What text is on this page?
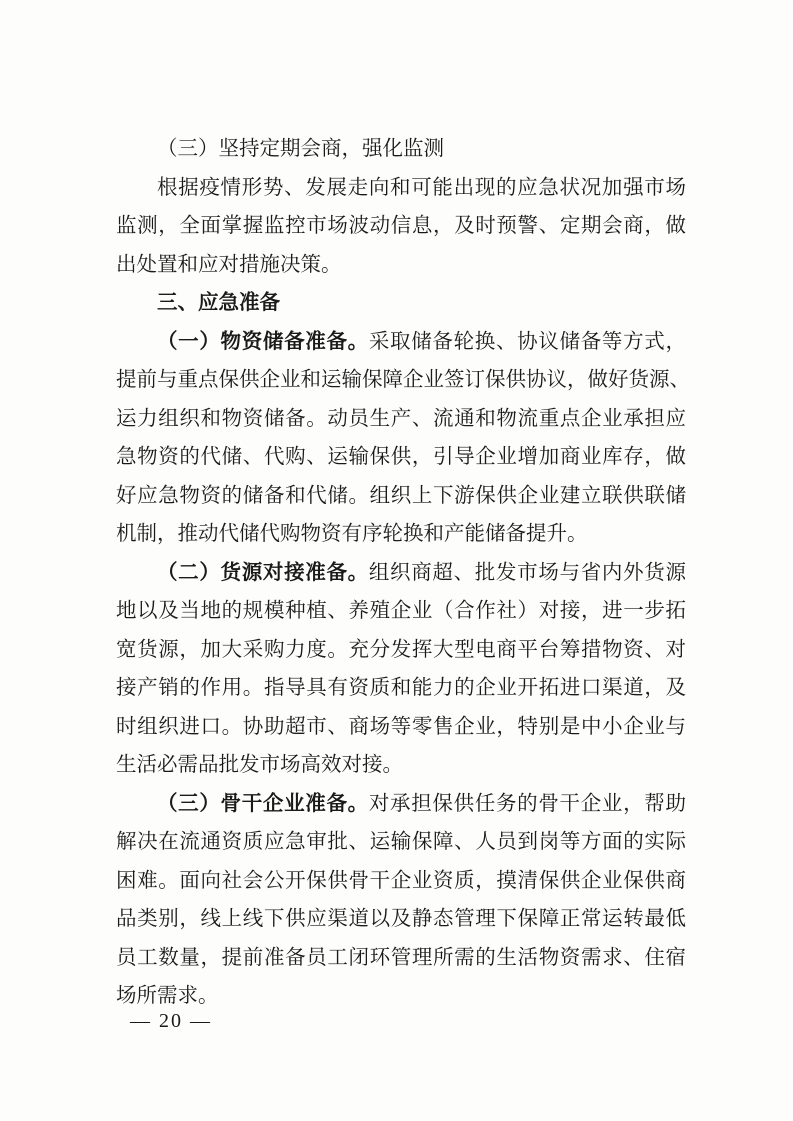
（三）坚持定期会商，强化监测
根据疫情形势、发展走向和可能出现的应急状况加强市场
监测，全面掌握监控市场波动信息，及时预警、定期会商，做
出处置和应对措施决策。
三、应急准备
（一）物资储备准备。采取储备轮换、协议储备等方式，
提前与重点保供企业和运输保障企业签订保供协议，做好货源、
运力组织和物资储备。动员生产、流通和物流重点企业承担应
急物资的代储、代购、运输保供，引导企业增加商业库存，做
好应急物资的储备和代储。组织上下游保供企业建立联供联储
机制，推动代储代购物资有序轮换和产能储备提升。
（二）货源对接准备。组织商超、批发市场与省内外货源
地以及当地的规模种植、养殖企业（合作社）对接，进一步拓
宽货源，加大采购力度。充分发挥大型电商平台筹措物资、对
接产销的作用。指导具有资质和能力的企业开拓进口渠道，及
时组织进口。协助超市、商场等零售企业，特别是中小企业与
生活必需品批发市场高效对接。
（三）骨干企业准备。对承担保供任务的骨干企业，帮助
解决在流通资质应急审批、运输保障、人员到岗等方面的实际
困难。面向社会公开保供骨干企业资质，摸清保供企业保供商
品类别，线上线下供应渠道以及静态管理下保障正常运转最低
员工数量，提前准备员工闭环管理所需的生活物资需求、住宿
场所需求。
— 20 —
